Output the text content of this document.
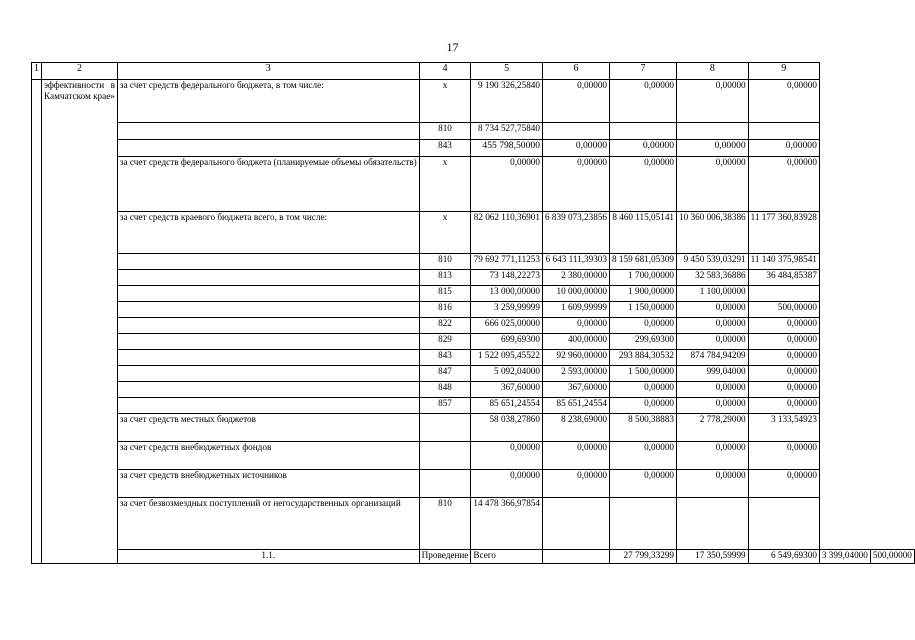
17
1	2	3	4	5	6	7	8	9		

	эффективности в
Камчатском крае»	за счет средств федерального бюджета, в том числе:	x	9 190 326,25840	0,00000	0,00000	0,00000	0,00000		
			810	8 734 527,75840						
			843	455 798,50000	0,00000	0,00000	0,00000	0,00000		
		за счет средств федерального бюджета (планируемые объемы обязательств)	x	0,00000	0,00000	0,00000	0,00000	0,00000		
		за счет средств краевого бюджета всего, в том числе:	x	82 062 110,36901	6 839 073,23856	8 460 115,05141	10 360 006,38386	11 177 360,83928		
			810	79 692 771,11253	6 643 111,39303	8 159 681,05309	9 450 539,03291	11 140 375,98541		
			813	73 148,22273	2 380,00000	1 700,00000	32 583,36886	36 484,85387		
			815	13 000,00000	10 000,00000	1 900,00000	1 100,00000			
			816	3 259,99999	1 609,99999	1 150,00000	0,00000	500,00000		
			822	666 025,00000	0,00000	0,00000	0,00000	0,00000		
			829	699,69300	400,00000	299,69300	0,00000	0,00000		
			843	1 522 095,45522	92 960,00000	293 884,30532	874 784,94209	0,00000		
			847	5 092,04000	2 593,00000	1 500,00000	999,04000	0,00000		
			848	367,60000	367,60000	0,00000	0,00000	0,00000		
			857	85 651,24554	85 651,24554	0,00000	0,00000	0,00000		
		за счет средств местных бюджетов		58 038,27860	8 238,69000	8 500,38883	2 778,29000	3 133,54923		
		за счет средств внебюджетных фондов		0,00000	0,00000	0,00000	0,00000	0,00000		
		за счет средств внебюджетных источников		0,00000	0,00000	0,00000	0,00000	0,00000		
		за счет безвозмездных поступлений от негосударственных организаций	810	14 478 366,97854						
		1.1.	Проведение	Всего		27 799,33299	17 350,59999	6 549,69300	3 399,04000	500,00000
